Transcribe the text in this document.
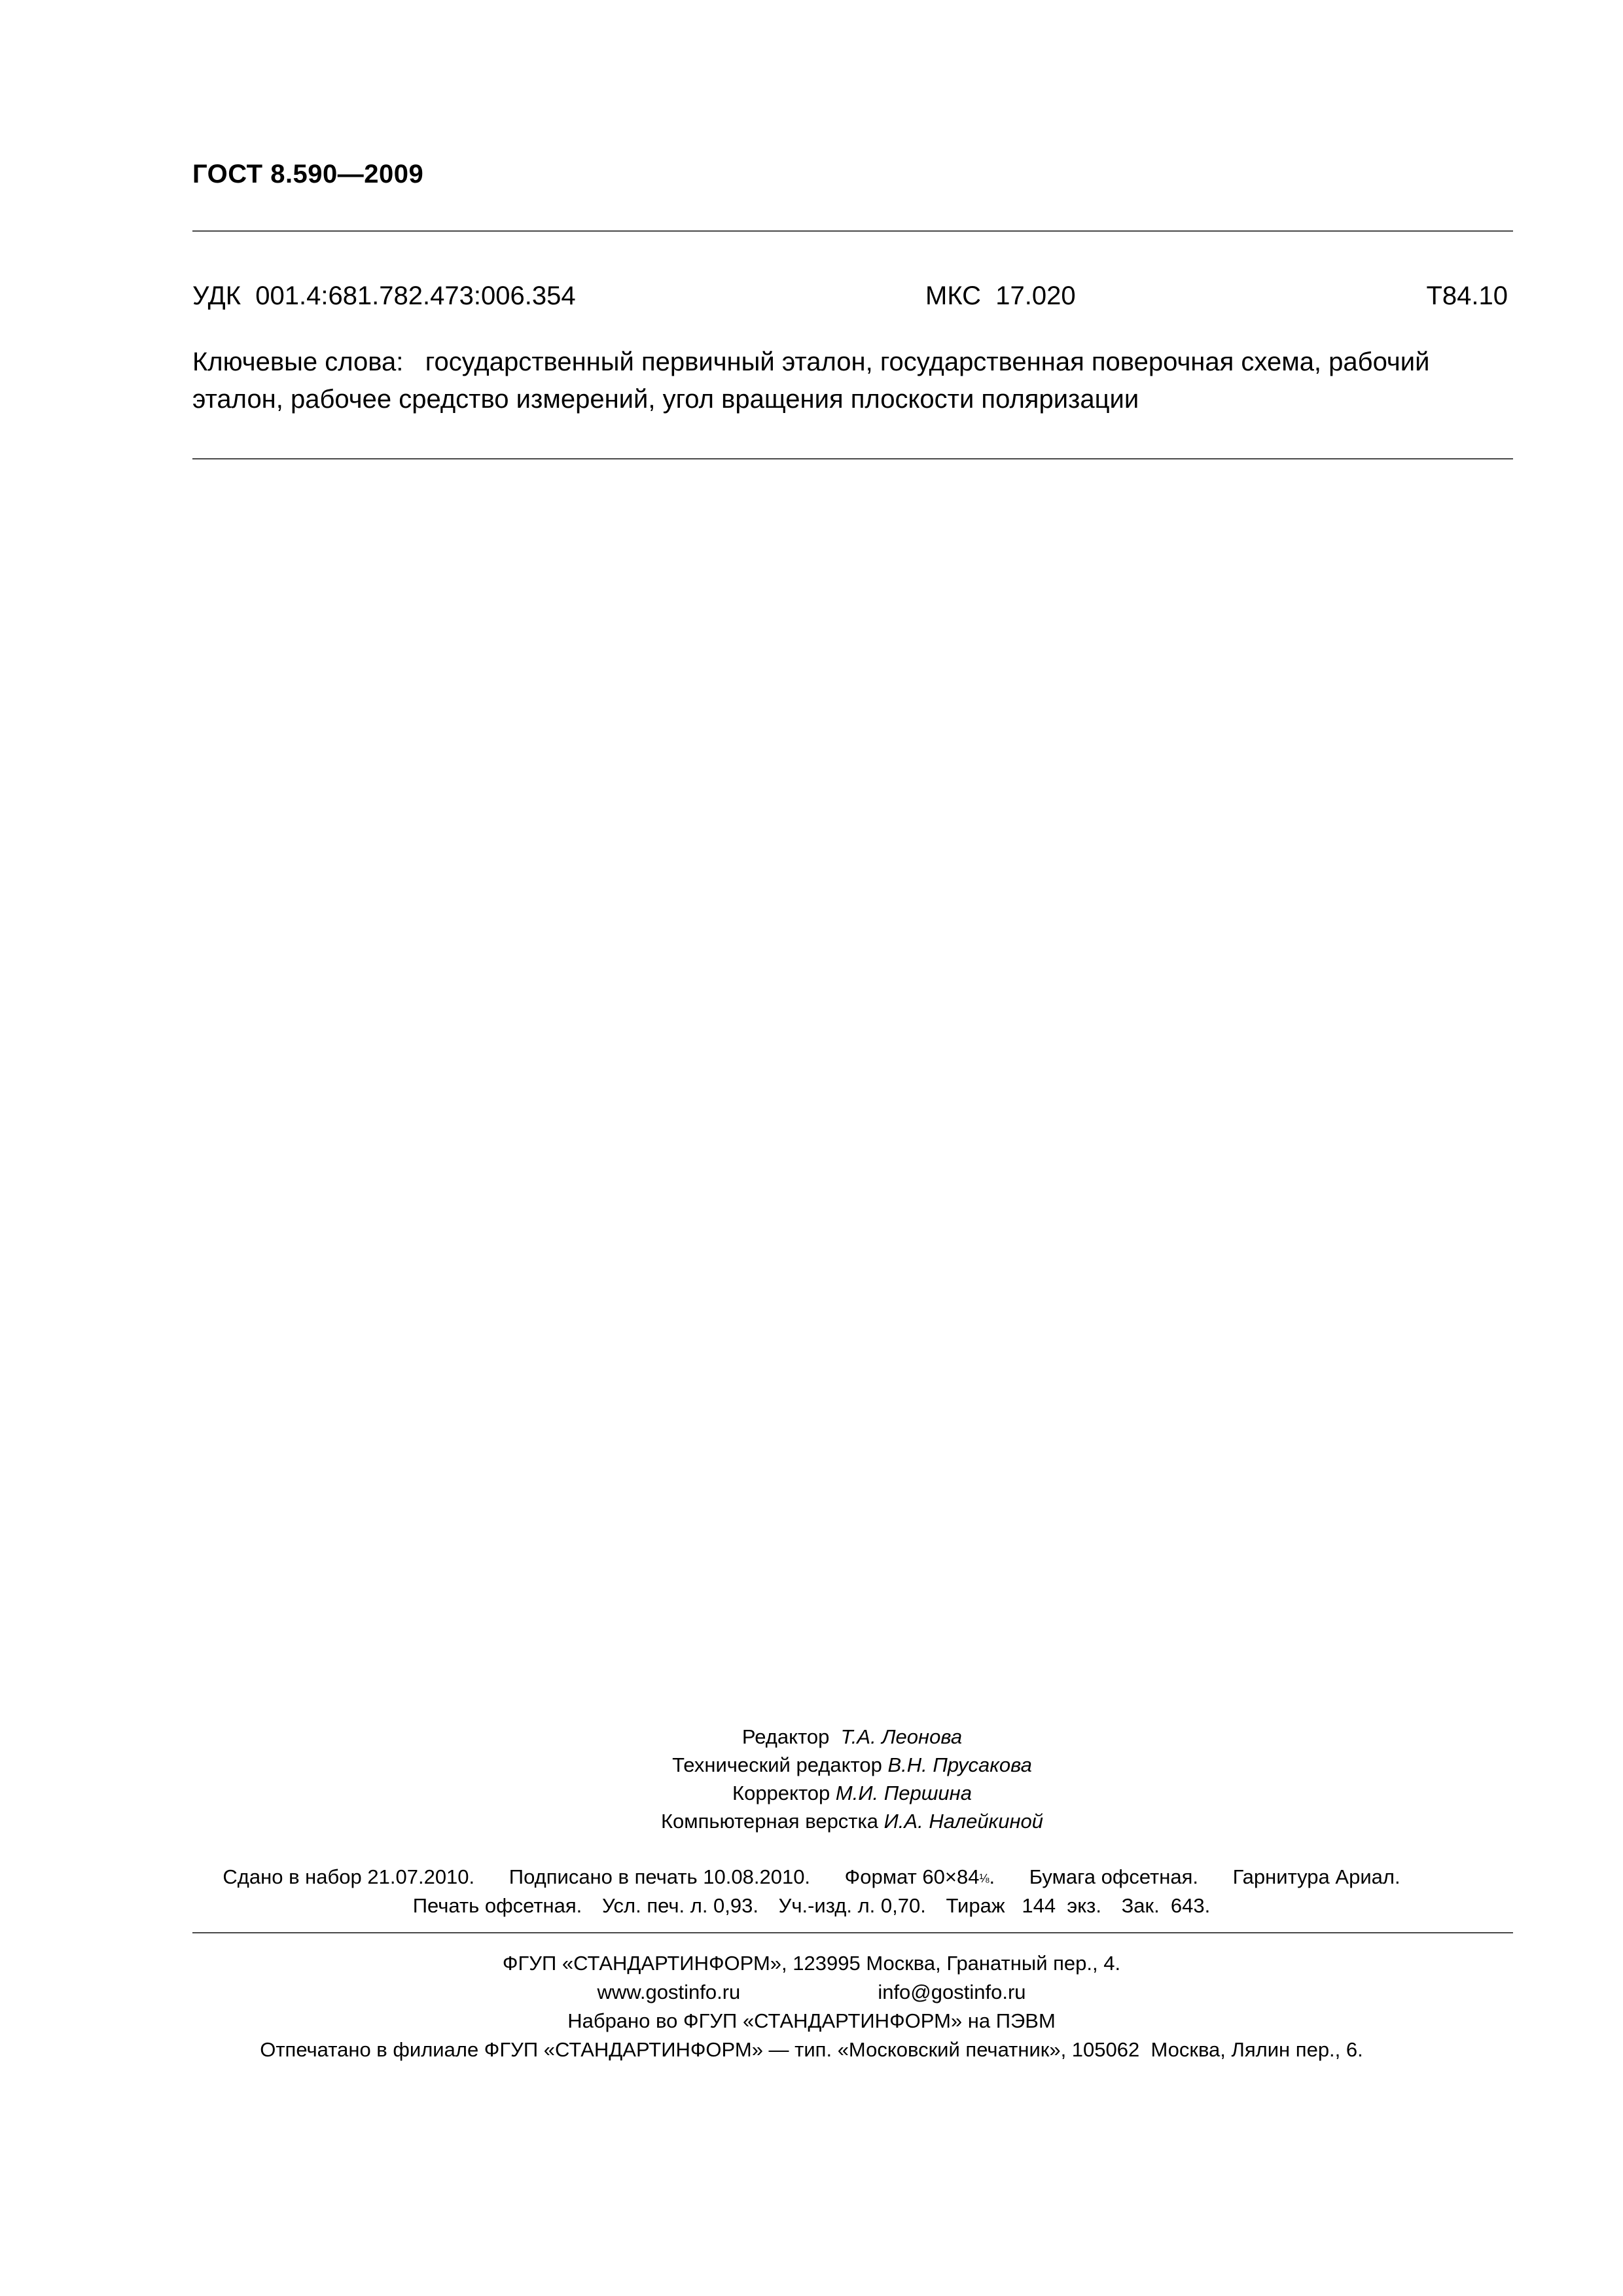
ГОСТ 8.590—2009
УДК  001.4:681.782.473:006.354	МКС  17.020	Т84.10
Ключевые слова: государственный первичный эталон, государственная поверочная схема, рабочий эталон, рабочее средство измерений, угол вращения плоскости поляризации
Редактор Т.А. Леонова
Технический редактор В.Н. Прусакова
Корректор М.И. Першина
Компьютерная верстка И.А. Налейкиной
Сдано в набор 21.07.2010. Подписано в печать 10.08.2010. Формат 60×84⅛. Бумага офсетная. Гарнитура Ариал.
Печать офсетная. Усл. печ. л. 0,93. Уч.-изд. л. 0,70. Тираж   144  экз. Зак.  643.
ФГУП «СТАНДАРТИНФОРМ», 123995 Москва, Гранатный пер., 4.
www.gostinfo.ru	info@gostinfo.ru
Набрано во ФГУП «СТАНДАРТИНФОРМ» на ПЭВМ
Отпечатано в филиале ФГУП «СТАНДАРТИНФОРМ» — тип. «Московский печатник», 105062  Москва, Лялин пер., 6.
